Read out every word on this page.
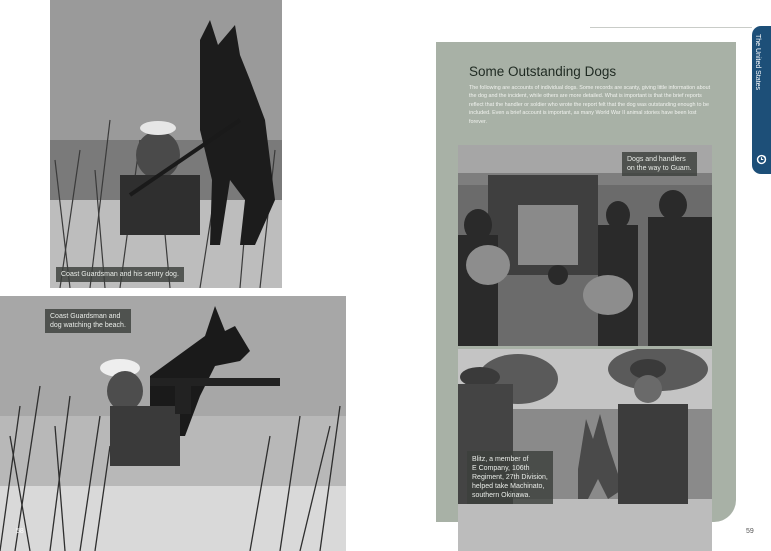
Coast Guardsman and his sentry dog.
Coast Guardsman and
dog watching the beach.
58
Some Outstanding Dogs
The following are accounts of individual dogs. Some records are scanty, giving little information about the dog and the incident, while others are more detailed. What is important is that the brief reports reflect that the handler or soldier who wrote the report felt that the dog was outstanding enough to be included. Even a brief account is important, as many World War II animal stories have been lost forever.
The United States
Dogs and handlers
on the way to Guam.
Blitz, a member of
E Company, 106th
Regiment, 27th Division,
helped take Machinato,
southern Okinawa.
59
